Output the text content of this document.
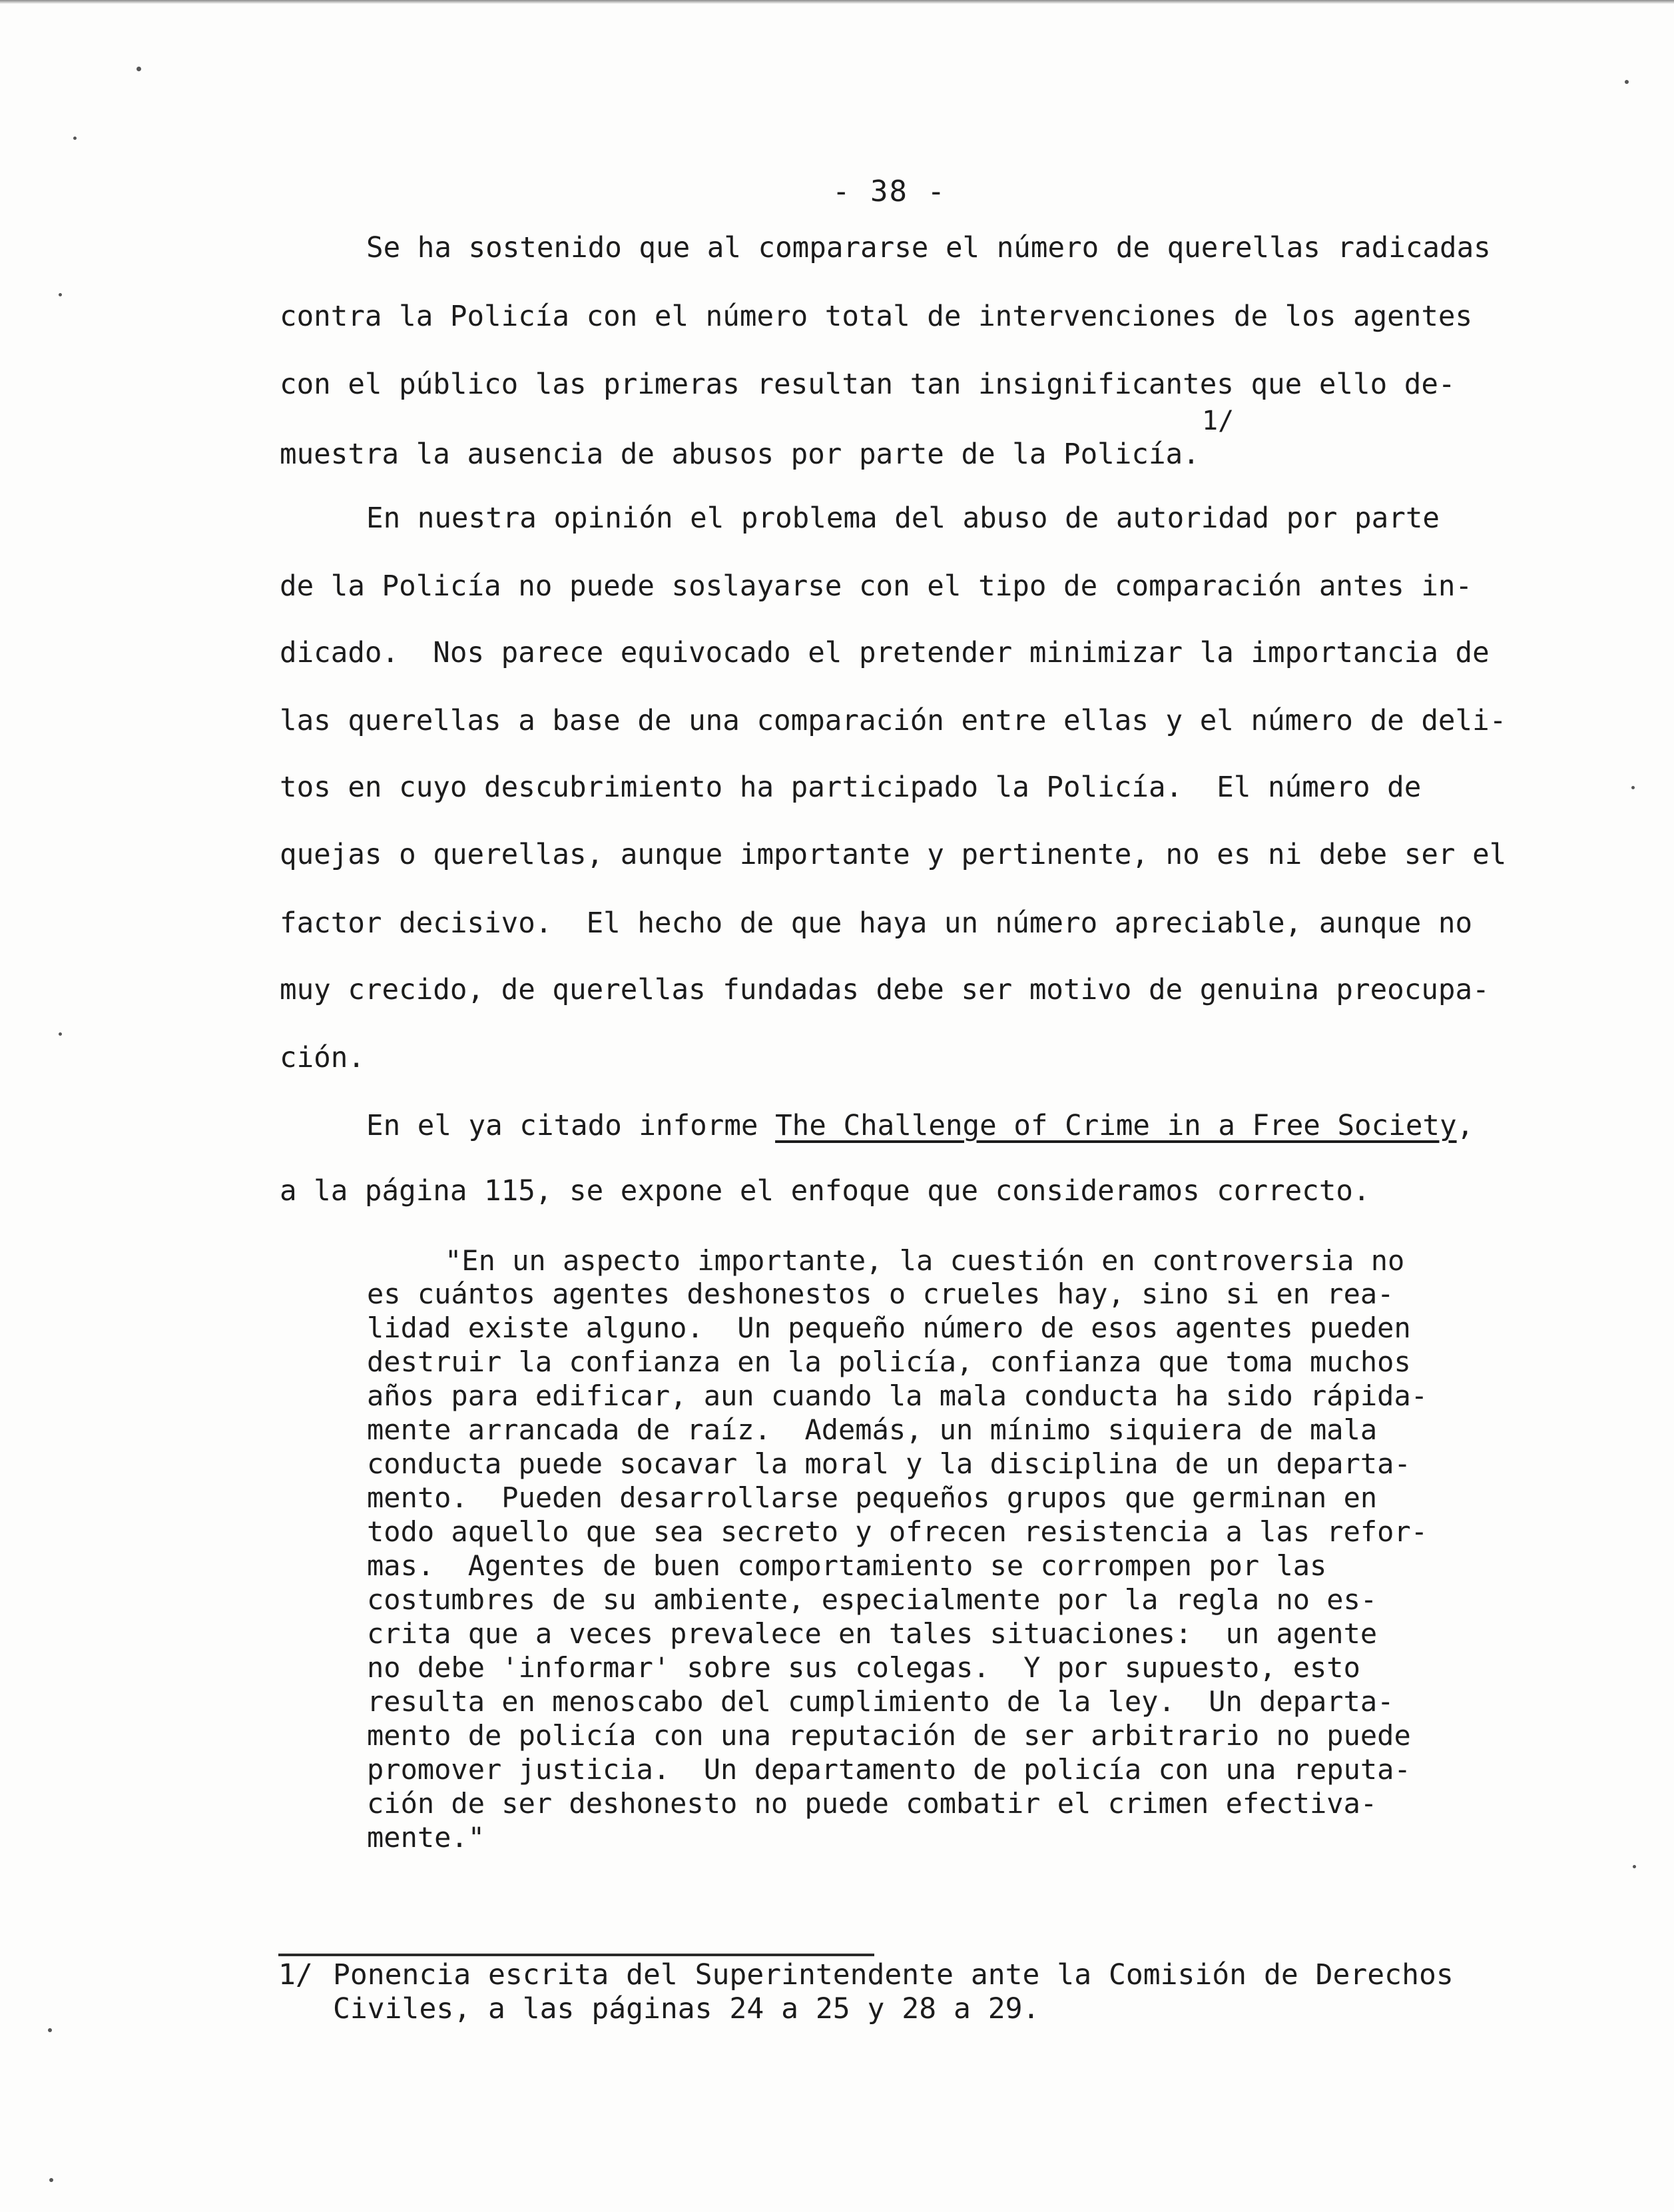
- 38 -
Se ha sostenido que al compararse el número de querellas radicadas
contra la Policía con el número total de intervenciones de los agentes
con el público las primeras resultan tan insignificantes que ello de-
1/
muestra la ausencia de abusos por parte de la Policía.
En nuestra opinión el problema del abuso de autoridad por parte
de la Policía no puede soslayarse con el tipo de comparación antes in-
dicado.  Nos parece equivocado el pretender minimizar la importancia de
las querellas a base de una comparación entre ellas y el número de deli-
tos en cuyo descubrimiento ha participado la Policía.  El número de
quejas o querellas, aunque importante y pertinente, no es ni debe ser el
factor decisivo.  El hecho de que haya un número apreciable, aunque no
muy crecido, de querellas fundadas debe ser motivo de genuina preocupa-
ción.
En el ya citado informe The Challenge of Crime in a Free Society,
a la página 115, se expone el enfoque que consideramos correcto.
"En un aspecto importante, la cuestión en controversia no
es cuántos agentes deshonestos o crueles hay, sino si en rea-
lidad existe alguno.  Un pequeño número de esos agentes pueden
destruir la confianza en la policía, confianza que toma muchos
años para edificar, aun cuando la mala conducta ha sido rápida-
mente arrancada de raíz.  Además, un mínimo siquiera de mala
conducta puede socavar la moral y la disciplina de un departa-
mento.  Pueden desarrollarse pequeños grupos que germinan en
todo aquello que sea secreto y ofrecen resistencia a las refor-
mas.  Agentes de buen comportamiento se corrompen por las
costumbres de su ambiente, especialmente por la regla no es-
crita que a veces prevalece en tales situaciones:  un agente
no debe 'informar' sobre sus colegas.  Y por supuesto, esto
resulta en menoscabo del cumplimiento de la ley.  Un departa-
mento de policía con una reputación de ser arbitrario no puede
promover justicia.  Un departamento de policía con una reputa-
ción de ser deshonesto no puede combatir el crimen efectiva-
mente."
1/ Ponencia escrita del Superintendente ante la Comisión de Derechos
Civiles, a las páginas 24 a 25 y 28 a 29.
